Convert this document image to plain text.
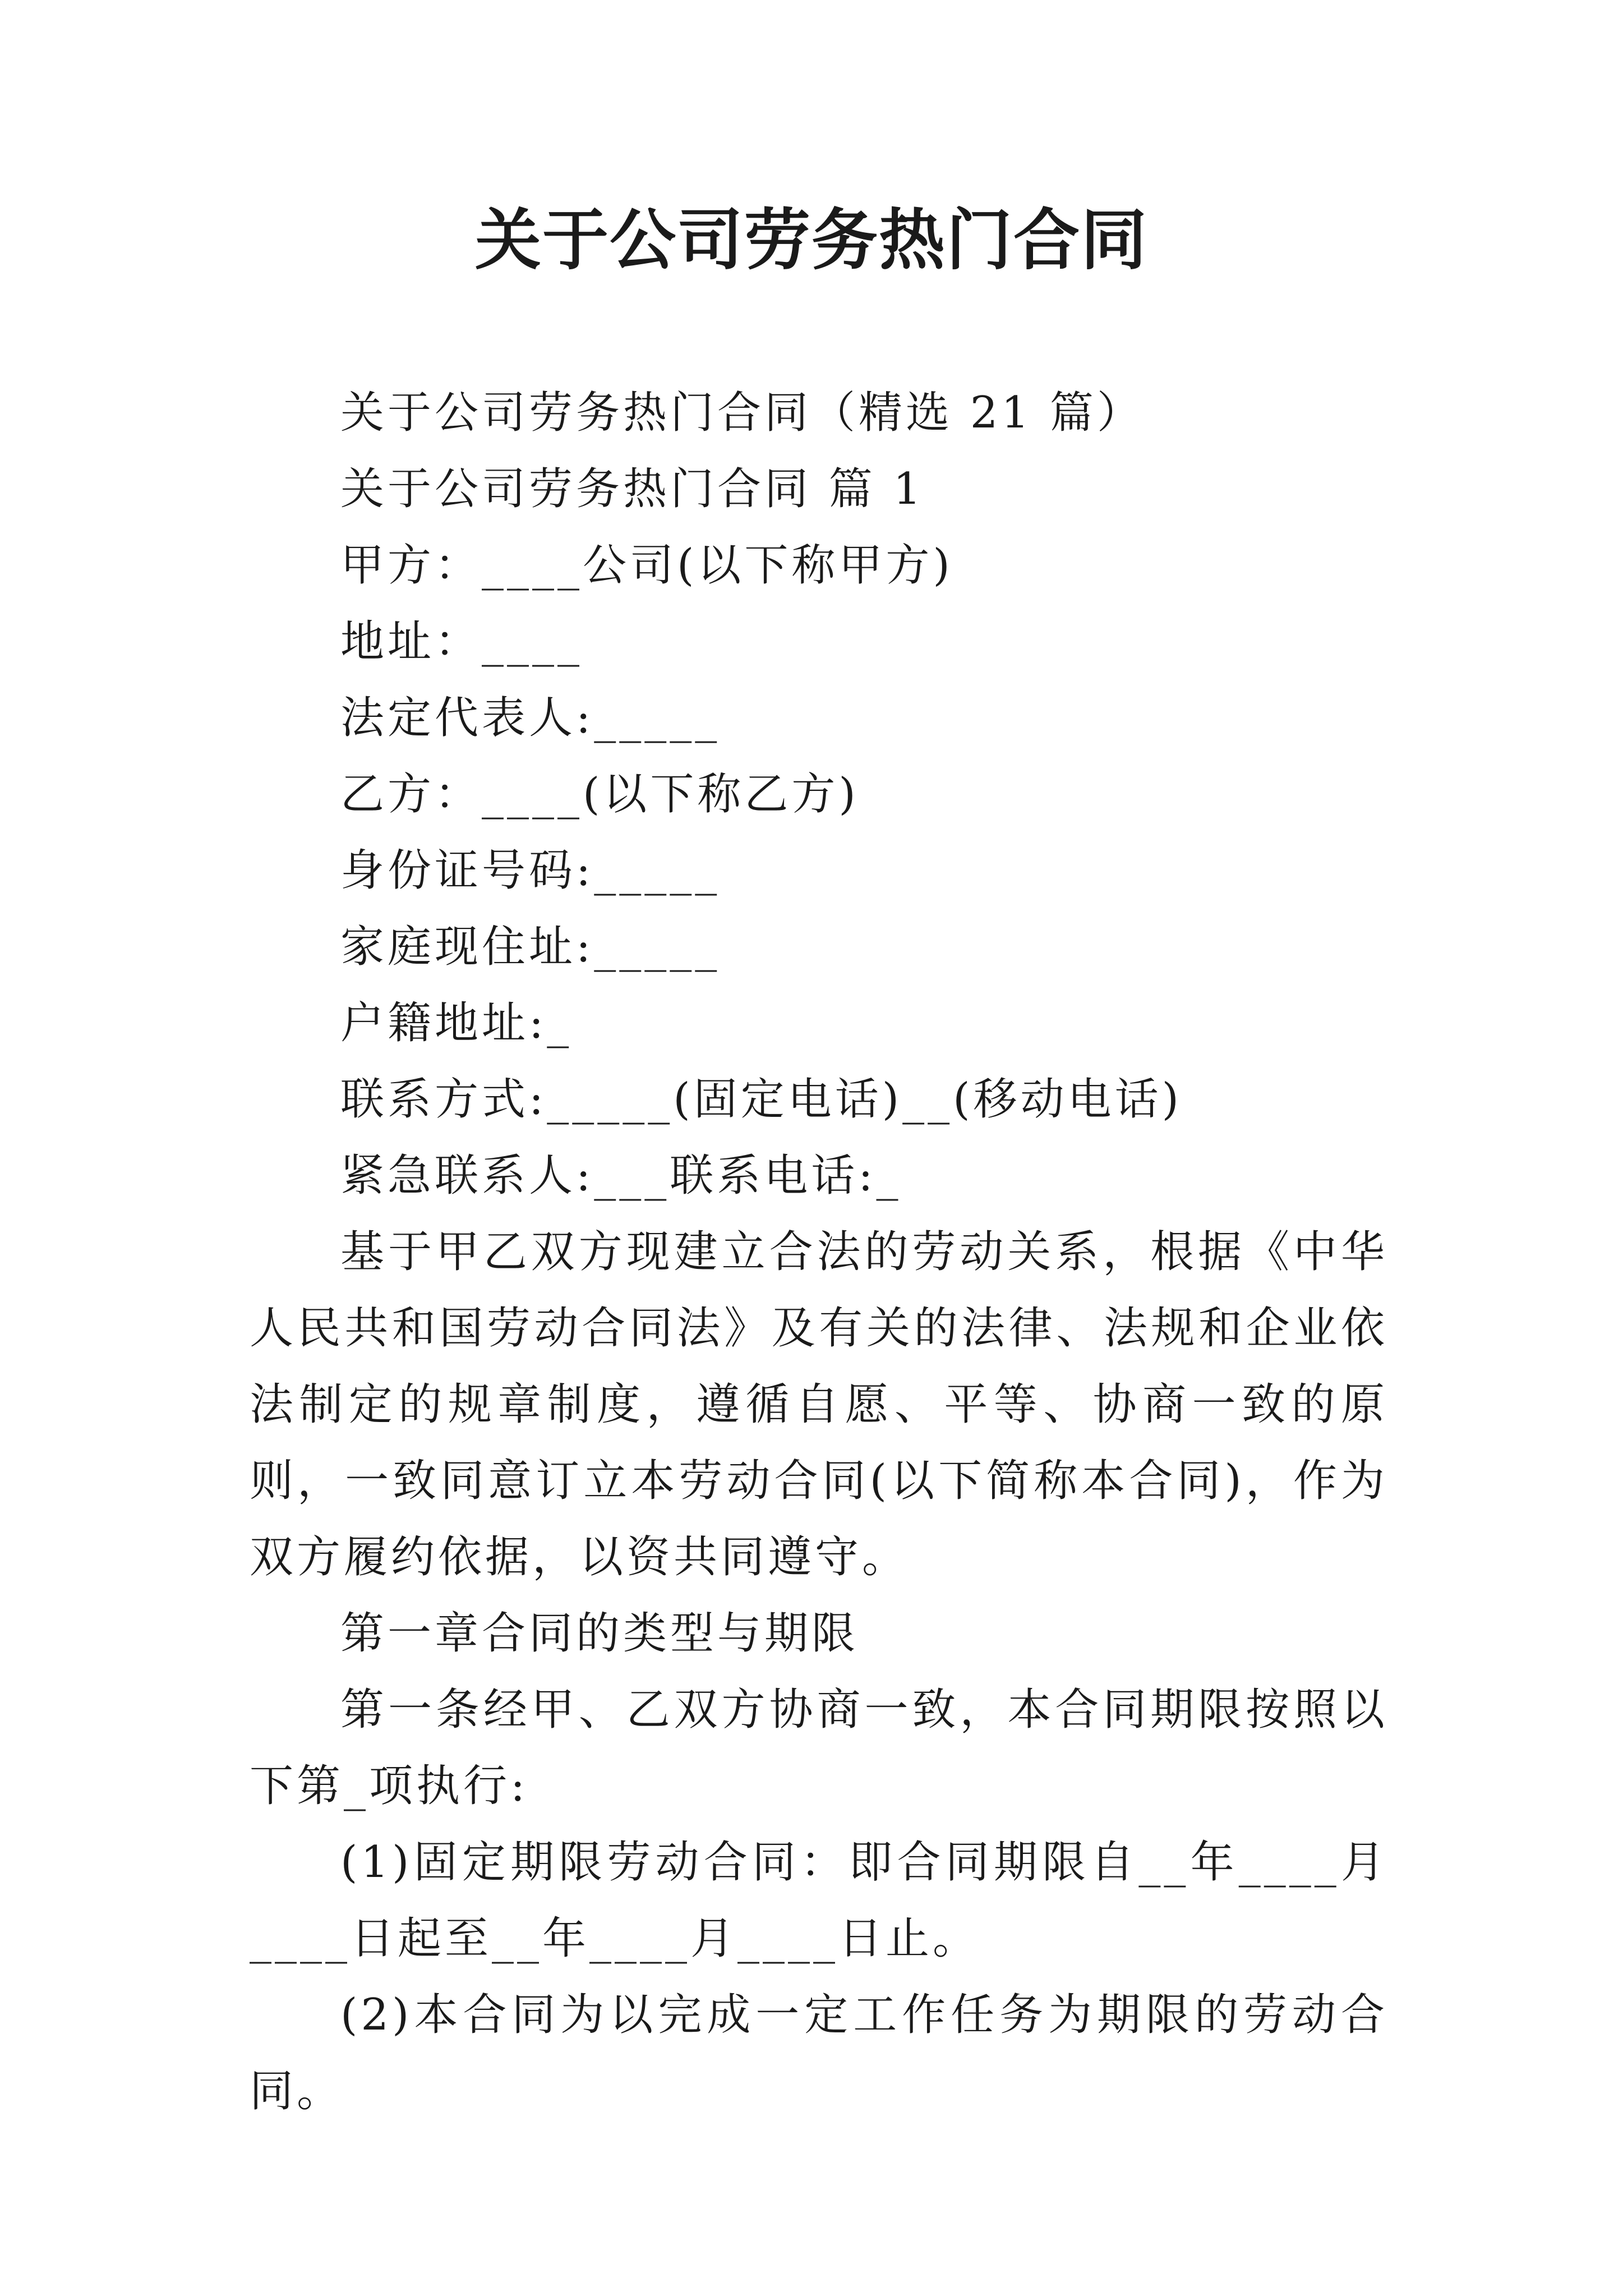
关于公司劳务热门合同

关于公司劳务热门合同（精选 21 篇）

关于公司劳务热门合同 篇 1

甲方：____公司(以下称甲方)

地址：____

法定代表人:_____

乙方：____(以下称乙方)

身份证号码:_____

家庭现住址:_____

户籍地址:_

联系方式:_____(固定电话)__(移动电话)

紧急联系人:___联系电话:_

基于甲乙双方现建立合法的劳动关系，根据《中华人民共和国劳动合同法》及有关的法律、法规和企业依法制定的规章制度，遵循自愿、平等、协商一致的原则，一致同意订立本劳动合同(以下简称本合同)，作为双方履约依据，以资共同遵守。

第一章合同的类型与期限

第一条经甲、乙双方协商一致，本合同期限按照以下第_项执行:

(1)固定期限劳动合同：即合同期限自__年____月____日起至__年____月____日止。

(2)本合同为以完成一定工作任务为期限的劳动合同。
